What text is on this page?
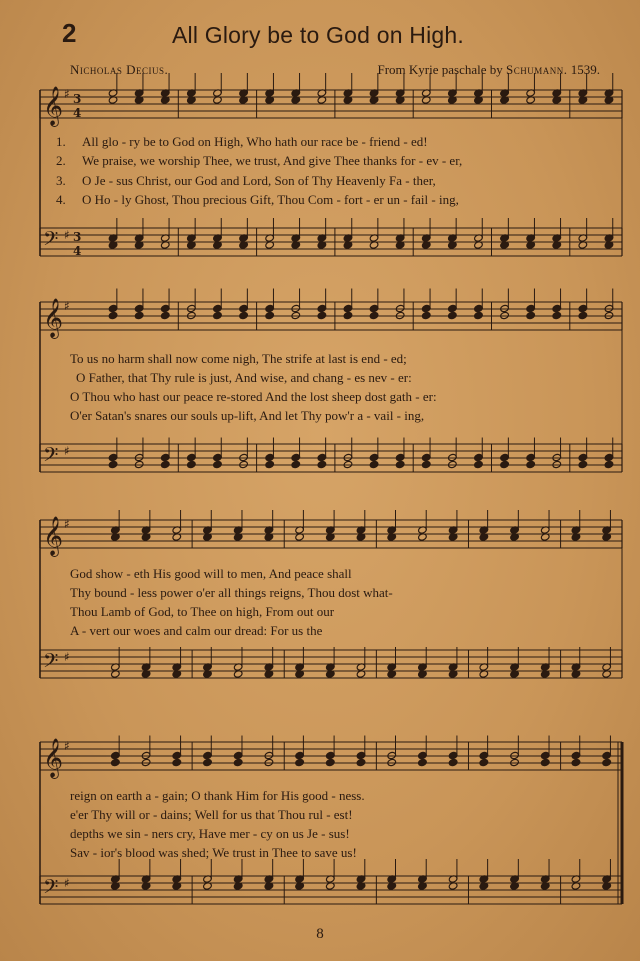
2	All Glory be to God on High.
Nicholas Decius.	From Kyrie paschale by Schumann. 1539.
𝄞 ♯ 3
4
𝄢 ♯ 3
4
𝄞 ♯
𝄢 ♯
𝄞 ♯
𝄢 ♯
𝄞 ♯
𝄢 ♯
1.
2.
3.
4.
All glo - ry be to God on High, Who hath our race be - friend - ed!
We praise, we worship Thee, we trust, And give Thee thanks for - ev - er,
O Je - sus Christ, our God and Lord, Son of Thy Heavenly Fa - ther,
O Ho - ly Ghost, Thou precious Gift, Thou Com - fort - er un - fail - ing,
To us no harm shall now come nigh, The strife at last is end - ed;
O Father, that Thy rule is just, And wise, and chang - es nev - er:
O Thou who hast our peace re-stored And the lost sheep dost gath - er:
O'er Satan's snares our souls up-lift, And let Thy pow'r a - vail - ing,
God show - eth His good will to men, And peace shall
Thy bound - less power o'er all things reigns, Thou dost what-
Thou Lamb of God, to Thee on high, From out our
A - vert our woes and calm our dread: For us the
reign on earth a - gain; O thank Him for His good - ness.
e'er Thy will or - dains; Well for us that Thou rul - est!
depths we sin - ners cry, Have mer - cy on us Je - sus!
Sav - ior's blood was shed; We trust in Thee to save us!
8
